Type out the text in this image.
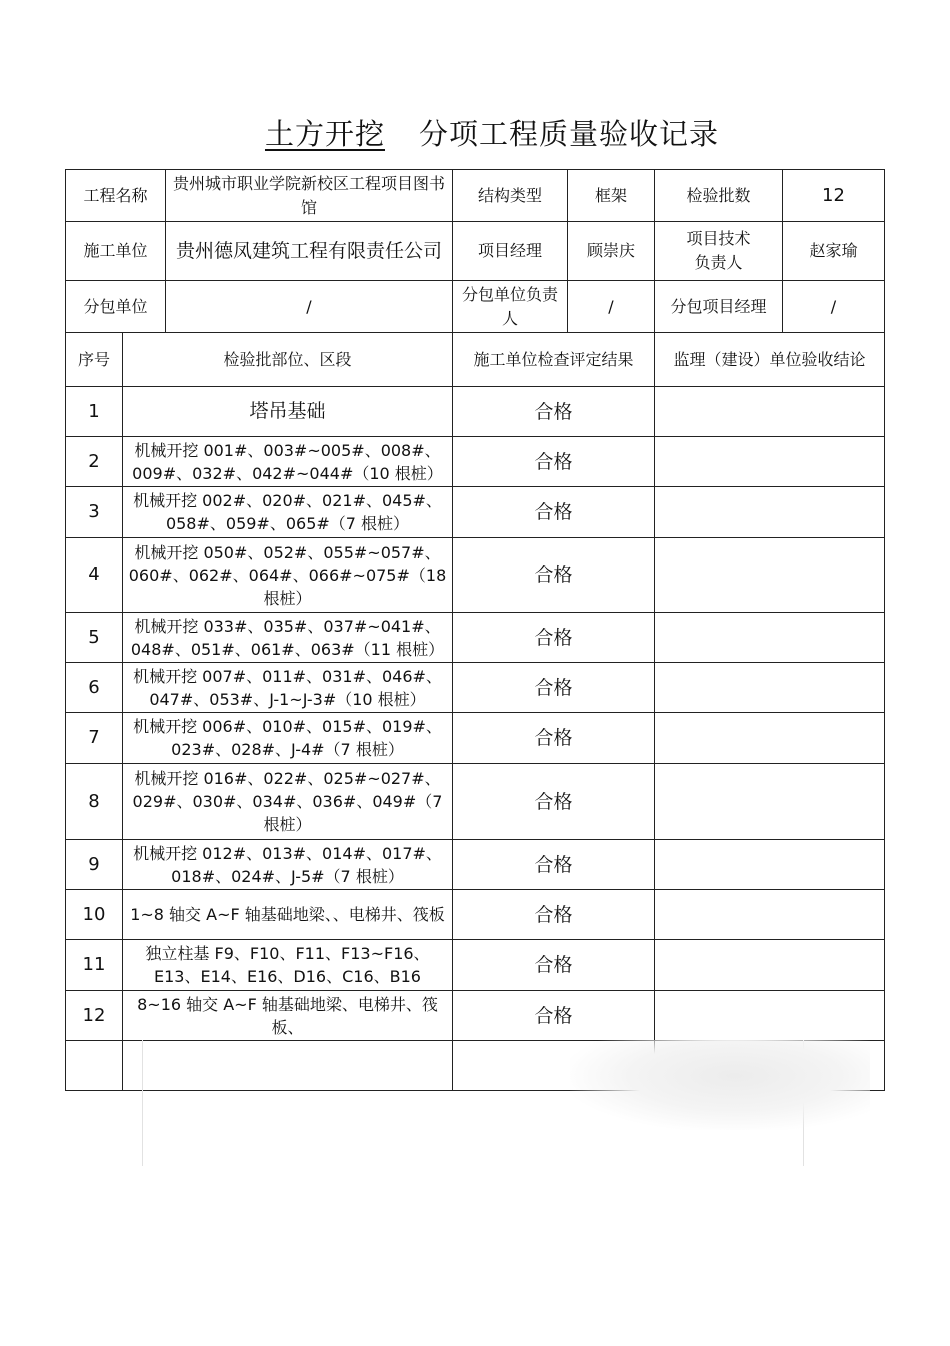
土方开挖 分项工程质量验收记录
工程名称	贵州城市职业学院新校区工程项目图书馆	结构类型	框架	检验批数	12
施工单位	贵州德凤建筑工程有限责任公司	项目经理	顾崇庆	项目技术负责人	赵家瑜
分包单位	/	分包单位负责人	/	分包项目经理	/
序号	检验批部位、区段	施工单位检查评定结果	监理（建设）单位验收结论
1	塔吊基础	合格	
2	机械开挖 001#、003#~005#、008#、009#、032#、042#~044#（10 根桩）	合格	
3	机械开挖 002#、020#、021#、045#、058#、059#、065#（7 根桩）	合格	
4	机械开挖 050#、052#、055#~057#、060#、062#、064#、066#~075#（18 根桩）	合格	
5	机械开挖 033#、035#、037#~041#、048#、051#、061#、063#（11 根桩）	合格	
6	机械开挖 007#、011#、031#、046#、047#、053#、J-1~J-3#（10 根桩）	合格	
7	机械开挖 006#、010#、015#、019#、023#、028#、J-4#（7 根桩）	合格	
8	机械开挖 016#、022#、025#~027#、029#、030#、034#、036#、049#（7 根桩）	合格	
9	机械开挖 012#、013#、014#、017#、018#、024#、J-5#（7 根桩）	合格	
10	1~8 轴交 A~F 轴基础地梁、、电梯井、筏板	合格	
11	独立柱基 F9、F10、F11、F13~F16、E13、E14、E16、D16、C16、B16	合格	
12	8~16 轴交 A~F 轴基础地梁、电梯井、筏板、	合格	
